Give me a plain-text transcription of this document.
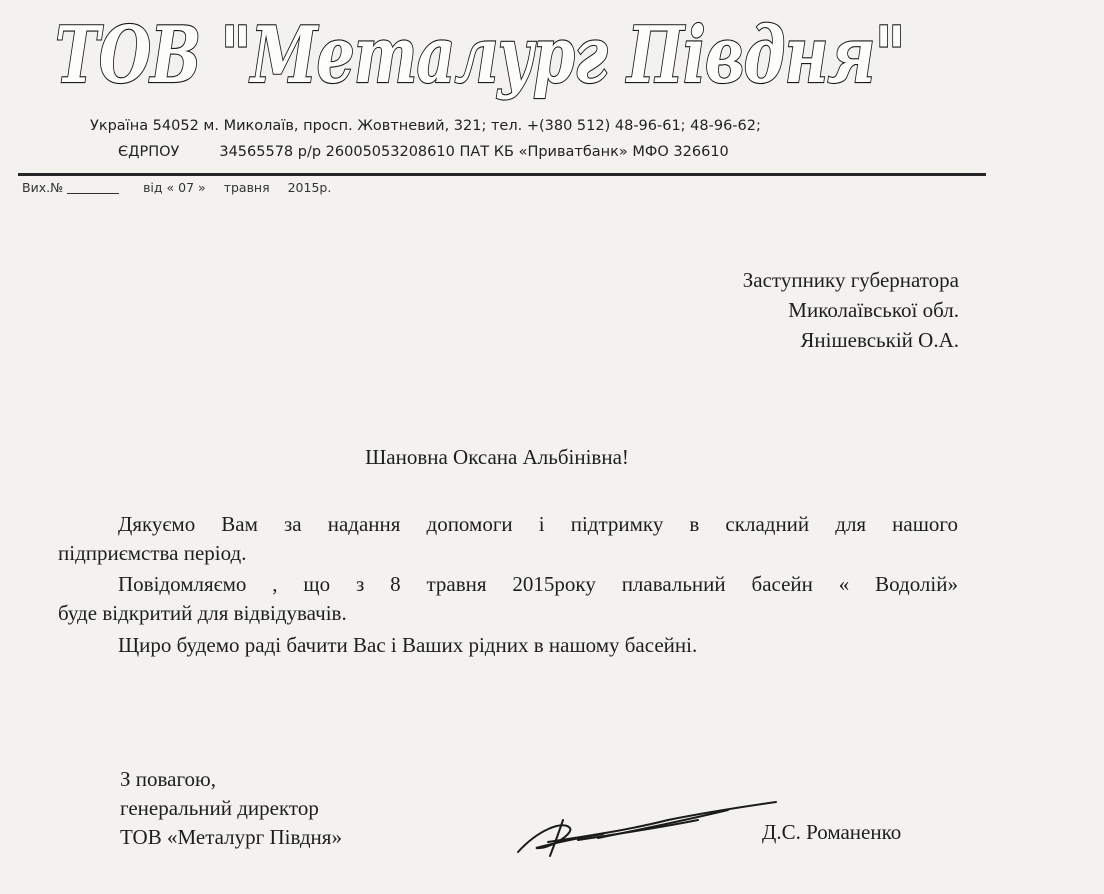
ТОВ "Металург Півдня"
Україна 54052 м. Миколаїв, просп. Жовтневий, 321; тел. +(380 512) 48-96-61; 48-96-62;
ЄДРПОУ	34565578 р/р 26005053208610 ПАТ КБ «Приватбанк» МФО 326610
Вих.№	від « 07 » травня 2015р.
Заступнику губернатора
Миколаївської обл.
Янішевській О.А.
Шановна Оксана Альбінівна!
Дякуємо Вам за надання допомоги і підтримку в складний для нашого
підприємства період.
Повідомляємо , що з 8 травня 2015року плавальний басейн « Водолій»
буде відкритий для відвідувачів.
Щиро будемо раді бачити Вас і Ваших рідних в нашому басейні.
З повагою,
генеральний директор
ТОВ «Металург Півдня»	Д.С. Романенко
